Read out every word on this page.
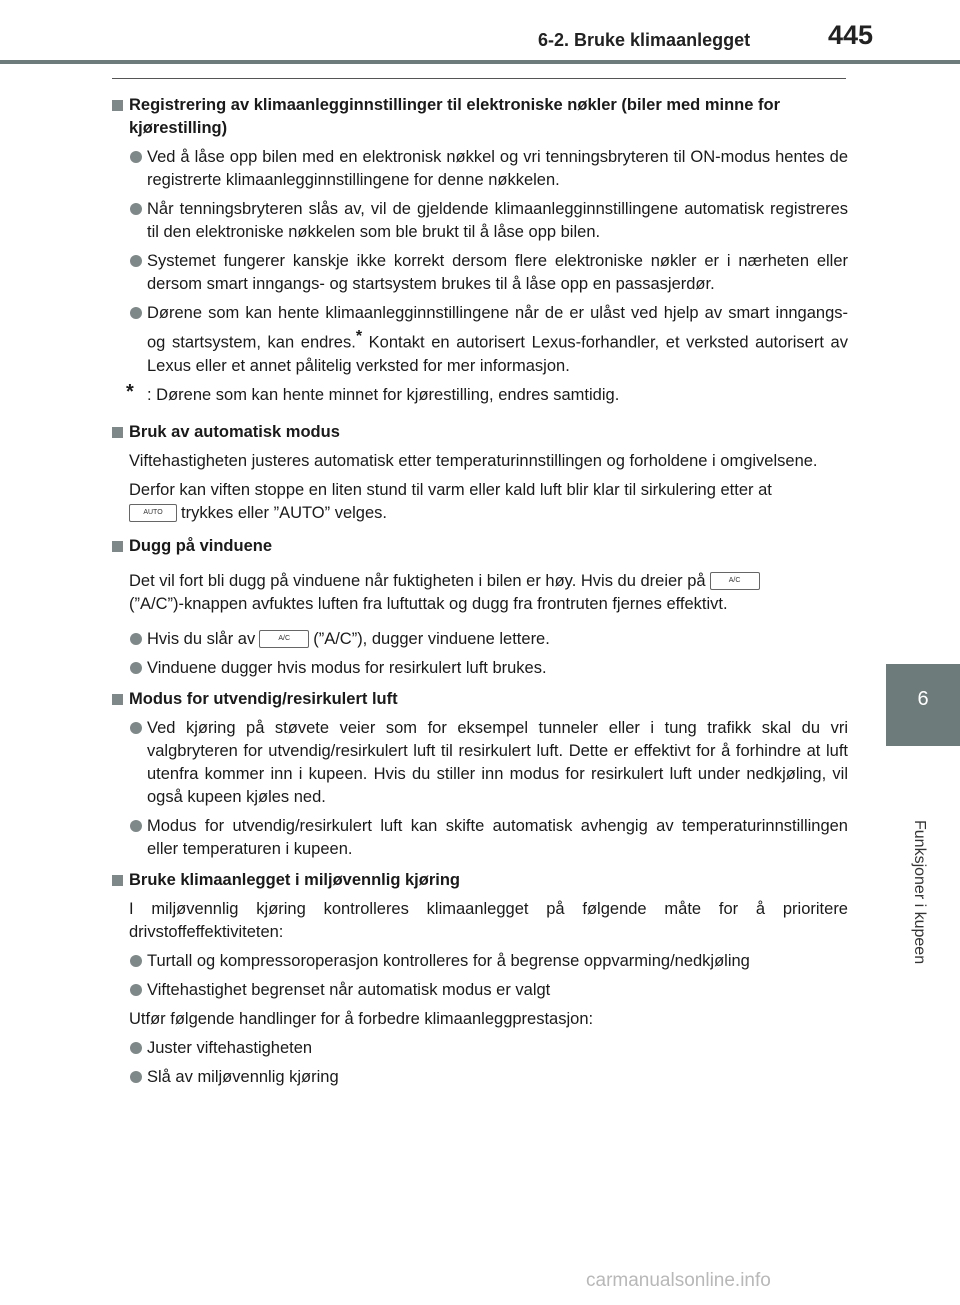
6-2. Bruke klimaanlegget	445
6
Funksjoner i kupeen
Registrering av klimaanlegginnstillinger til elektroniske nøkler (biler med minne for kjørestilling)
Ved å låse opp bilen med en elektronisk nøkkel og vri tenningsbryteren til ON-modus hentes de registrerte klimaanlegginnstillingene for denne nøkkelen.
Når tenningsbryteren slås av, vil de gjeldende klimaanlegginnstillingene automatisk registreres til den elektroniske nøkkelen som ble brukt til å låse opp bilen.
Systemet fungerer kanskje ikke korrekt dersom flere elektroniske nøkler er i nærheten eller dersom smart inngangs- og startsystem brukes til å låse opp en passasjerdør.
Dørene som kan hente klimaanlegginnstillingene når de er ulåst ved hjelp av smart inngangs- og startsystem, kan endres.* Kontakt en autorisert Lexus-forhandler, et verksted autorisert av Lexus eller et annet pålitelig verksted for mer informasjon.
* : Dørene som kan hente minnet for kjørestilling, endres samtidig.
Bruk av automatisk modus
Viftehastigheten justeres automatisk etter temperaturinnstillingen og forholdene i omgivelsene.
Derfor kan viften stoppe en liten stund til varm eller kald luft blir klar til sirkulering etter at
AUTO trykkes eller ”AUTO” velges.
Dugg på vinduene
Det vil fort bli dugg på vinduene når fuktigheten i bilen er høy. Hvis du dreier på	A/C
(”A/C”)-knappen avfuktes luften fra luftuttak og dugg fra frontruten fjernes effektivt.
Hvis du slår av	A/C (”A/C”), dugger vinduene lettere.
Vinduene dugger hvis modus for resirkulert luft brukes.
Modus for utvendig/resirkulert luft
Ved kjøring på støvete veier som for eksempel tunneler eller i tung trafikk skal du vri valgbryteren for utvendig/resirkulert luft til resirkulert luft. Dette er effektivt for å forhindre at luft utenfra kommer inn i kupeen. Hvis du stiller inn modus for resirkulert luft under nedkjøling, vil også kupeen kjøles ned.
Modus for utvendig/resirkulert luft kan skifte automatisk avhengig av temperaturinnstillingen eller temperaturen i kupeen.
Bruke klimaanlegget i miljøvennlig kjøring
I miljøvennlig kjøring kontrolleres klimaanlegget på følgende måte for å prioritere drivstoffeffektiviteten:
Turtall og kompressoroperasjon kontrolleres for å begrense oppvarming/nedkjøling
Viftehastighet begrenset når automatisk modus er valgt
Utfør følgende handlinger for å forbedre klimaanleggprestasjon:
Juster viftehastigheten
Slå av miljøvennlig kjøring
carmanualsonline.info
